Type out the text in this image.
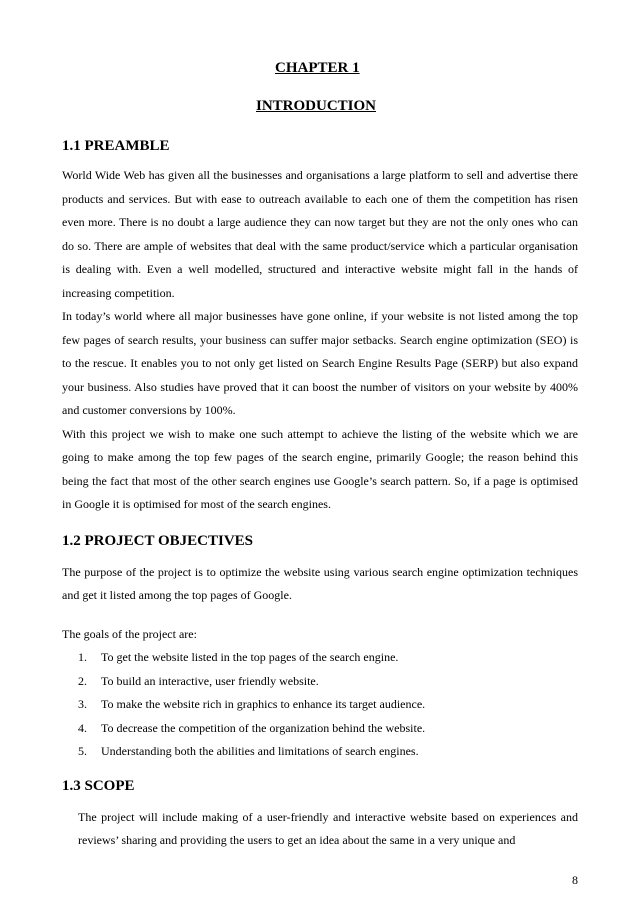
CHAPTER 1

INTRODUCTION

1.1 PREAMBLE

World Wide Web has given all the businesses and organisations a large platform to sell and advertise there products and services. But with ease to outreach available to each one of them the competition has risen even more. There is no doubt a large audience they can now target but they are not the only ones who can do so. There are ample of websites that deal with the same product/service which a particular organisation is dealing with. Even a well modelled, structured and interactive website might fall in the hands of increasing competition.

In today’s world where all major businesses have gone online, if your website is not listed among the top few pages of search results, your business can suffer major setbacks. Search engine optimization (SEO) is to the rescue. It enables you to not only get listed on Search Engine Results Page (SERP) but also expand your business. Also studies have proved that it can boost the number of visitors on your website by 400% and customer conversions by 100%.

With this project we wish to make one such attempt to achieve the listing of the website which we are going to make among the top few pages of the search engine, primarily Google; the reason behind this being the fact that most of the other search engines use Google’s search pattern. So, if a page is optimised in Google it is optimised for most of the search engines.

1.2 PROJECT OBJECTIVES

The purpose of the project is to optimize the website using various search engine optimization techniques and get it listed among the top pages of Google.

The goals of the project are:

1.	To get the website listed in the top pages of the search engine.
2.	To build an interactive, user friendly website.
3.	To make the website rich in graphics to enhance its target audience.
4.	To decrease the competition of the organization behind the website.
5.	Understanding both the abilities and limitations of search engines.
1.3 SCOPE

The project will include making of a user-friendly and interactive website based on experiences and reviews’ sharing and providing the users to get an idea about the same in a very unique and

8
